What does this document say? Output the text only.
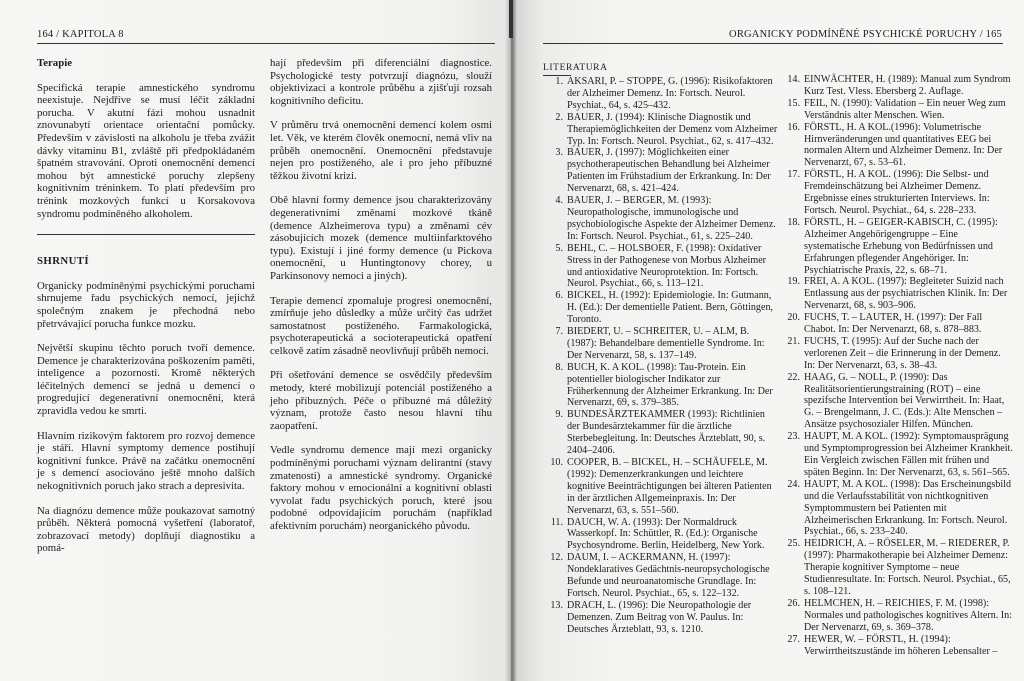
164 / KAPITOLA 8	ORGANICKY PODMÍNĚNÉ PSYCHICKÉ PORUCHY / 165

Terapie

Specifická terapie amnestického syndromu neexistuje. Nejdříve se musí léčit základní porucha. V akutní fázi mohou usnadnit znovunabytí orientace orientační pomůcky. Především v závislosti na alkoholu je třeba zvážit dávky vitaminu B1, zvláště při předpokládaném špatném stravování. Oproti onemocnění demencí mohou být amnestické poruchy zlepšeny kognitivním tréninkem. To platí především pro trénink mozkových funkcí u Korsakovova syndromu podmíněného alkoholem.

SHRNUTÍ

Organicky podmíněnými psychickými poruchami shrnujeme řadu psychických nemocí, jejichž společným znakem je přechodná nebo přetrvávající porucha funkce mozku.

Největší skupinu těchto poruch tvoří demence. Demence je charakterizována poškozením paměti, inteligence a pozornosti. Kromě některých léčitelných demencí se jedná u demencí o progredující degenerativní onemocnění, která zpravidla vedou ke smrti.

Hlavním rizikovým faktorem pro rozvoj demence je stáří. Hlavní symptomy demence postihují kognitivní funkce. Právě na začátku onemocnění je s demencí asociováno ještě mnoho dalších nekognitivních poruch jako strach a depresivita.

Na diagnózu demence může poukazovat samotný průběh. Některá pomocná vyšetření (laboratoř, zobrazovací metody) doplňují diagnostiku a pomá-

hají především při diferenciální diagnostice. Psychologické testy potvrzují diagnózu, slouží objektivizaci a kontrole průběhu a zjišťují rozsah kognitivního deficitu.

V průměru trvá onemocnění demencí kolem osmi let. Věk, ve kterém člověk onemocní, nemá vliv na průběh onemocnění. Onemocnění představuje nejen pro postiženého, ale i pro jeho příbuzné těžkou životní krizi.

Obě hlavní formy demence jsou charakterizovány degenerativními změnami mozkové tkáně (demence Alzheimerova typu) a změnami cév zásobujících mozek (demence multiinfarktového typu). Existují i jiné formy demence (u Pickova onemocnění, u Huntingtonovy chorey, u Parkinsonovy nemoci a jiných).

Terapie demencí zpomaluje progresi onemocnění, zmírňuje jeho důsledky a může určitý čas udržet samostatnost postiženého. Farmakologická, psychoterapeutická a socioterapeutická opatření celkově zatím zásadně neovlivňují průběh nemoci.

Při ošetřování demence se osvědčily především metody, které mobilizují potenciál postiženého a jeho příbuzných. Péče o příbuzné má důležitý význam, protože často nesou hlavní tíhu zaopatření.

Vedle syndromu demence mají mezi organicky podmíněnými poruchami význam delirantní (stavy zmatenosti) a amnestické syndromy. Organické faktory mohou v emocionální a kognitivní oblasti vyvolat řadu psychických poruch, které jsou podobné odpovídajícím poruchám (například afektivním poruchám) neorganického původu.

LITERATURA
1. AKSARI, P. – STOPPE, G. (1996): Risikofaktoren der Alzheimer Demenz. In: Fortsch. Neurol. Psychiat., 64, s. 425–432.
2. BAUER, J. (1994): Klinische Diagnostik und Therapiemöglichkeiten der Demenz vom Alzheimer Typ. In: Fortsch. Neurol. Psychiat., 62, s. 417–432.
3. BAUER, J. (1997): Möglichkeiten einer psychotherapeutischen Behandlung bei Alzheimer Patienten im Frühstadium der Erkrankung. In: Der Nervenarzt, 68, s. 421–424.
4. BAUER, J. – BERGER, M. (1993): Neuropathologische, immunologische und psychobiologische Aspekte der Alzheimer Demenz. In: Fortsch. Neurol. Psychiat., 61, s. 225–240.
5. BEHL, C. – HOLSBOER, F. (1998): Oxidativer Stress in der Pathogenese von Morbus Alzheimer und antioxidative Neuroprotektion. In: Fortsch. Neurol. Psychiat., 66, s. 113–121.
6. BICKEL, H. (1992): Epidemiologie. In: Gutmann, H. (Ed.): Der dementielle Patient. Bern, Göttingen, Toronto.
7. BIEDERT, U. – SCHREITER, U. – ALM, B. (1987): Behandelbare dementielle Syndrome. In: Der Nervenarzt, 58, s. 137–149.
8. BUCH, K. A KOL. (1998): Tau-Protein. Ein potentieller biologischer Indikator zur Früherkennung der Alzheimer Erkrankung. In: Der Nervenarzt, 69, s. 379–385.
9. BUNDESÄRZTEKAMMER (1993): Richtlinien der Bundesärztekammer für die ärztliche Sterbebegleitung. In: Deutsches Ärzteblatt, 90, s. 2404–2406.
10. COOPER, B. – BICKEL, H. – SCHÄUFELE, M. (1992): Demenzerkrankungen und leichtere kognitive Beeinträchtigungen bei älteren Patienten in der ärztlichen Allgemeinpraxis. In: Der Nervenarzt, 63, s. 551–560.
11. DAUCH, W. A. (1993): Der Normaldruck Wasserkopf. In: Schüttler, R. (Ed.): Organische Psychosyndrome. Berlin, Heidelberg, New York.
12. DAUM, I. – ACKERMANN, H. (1997): Nondeklaratives Gedächtnis-neuropsychologische Befunde und neuroanatomische Grundlage. In: Fortsch. Neurol. Psychiat., 65, s. 122–132.
13. DRACH, L. (1996): Die Neuropathologie der Demenzen. Zum Beitrag von W. Paulus. In: Deutsches Ärzteblatt, 93, s. 1210.
14. EINWÄCHTER, H. (1989): Manual zum Syndrom Kurz Test. Vless. Ebersberg 2. Auflage.
15. FEIL, N. (1990): Validation – Ein neuer Weg zum Verständnis alter Menschen. Wien.
16. FÖRSTL, H. A KOL.(1996): Volumetrische Hirnveränderungen und quantitatives EEG bei normalen Altern und Alzheimer Demenz. In: Der Nervenarzt, 67, s. 53–61.
17. FÖRSTL, H. A KOL. (1996): Die Selbst- und Fremdeinschätzung bei Alzheimer Demenz. Ergebnisse eines strukturierten Interviews. In: Fortsch. Neurol. Psychiat., 64, s. 228–233.
18. FÖRSTL, H. – GEIGER-KABISCH, C. (1995): Alzheimer Angehörigengruppe – Eine systematische Erhebung von Bedürfnissen und Erfahrungen pflegender Angehöriger. In: Psychiatrische Praxis, 22, s. 68–71.
19. FREI, A. A KOL. (1997): Begleiteter Suizid nach Entlassung aus der psychiatrischen Klinik. In: Der Nervenarzt, 68, s. 903–906.
20. FUCHS, T. – LAUTER, H. (1997): Der Fall Chabot. In: Der Nervenarzt, 68, s. 878–883.
21. FUCHS, T. (1995): Auf der Suche nach der verlorenen Zeit – die Erinnerung in der Demenz. In: Der Nervenarzt, 63, s. 38–43.
22. HAAG, G. – NOLL, P. (1990): Das Realitätsorientierungstraining (ROT) – eine spezifsche Intervention bei Verwirrtheit. In: Haat, G. – Brengelmann, J. C. (Eds.): Alte Menschen – Ansätze psychosozialer Hilfen. München.
23. HAUPT, M. A KOL. (1992): Symptomausprägung und Symptomprogression bei Alzheimer Krankheit. Ein Vergleich zwischen Fällen mit frühen und späten Beginn. In: Der Nervenarzt, 63, s. 561–565.
24. HAUPT, M. A KOL. (1998): Das Erscheinungsbild und die Verlaufsstabilität von nichtkognitiven Symptommustern bei Patienten mit Alzheimerischen Erkrankung. In: Fortsch. Neurol. Psychiat., 66, s. 233–240.
25. HEIDRICH, A. – RÖSELER, M. – RIEDERER, P. (1997): Pharmakotherapie bei Alzheimer Demenz: Therapie kognitiver Symptome – neue Studienresultate. In: Fortsch. Neurol. Psychiat., 65, s. 108–121.
26. HELMCHEN, H. – REICHIES, F. M. (1998): Normales und pathologisches kognitives Altern. In: Der Nervenarzt, 69, s. 369–378.
27. HEWER, W. – FÖRSTL, H. (1994): Verwirrtheitszustände im höheren Lebensalter –
